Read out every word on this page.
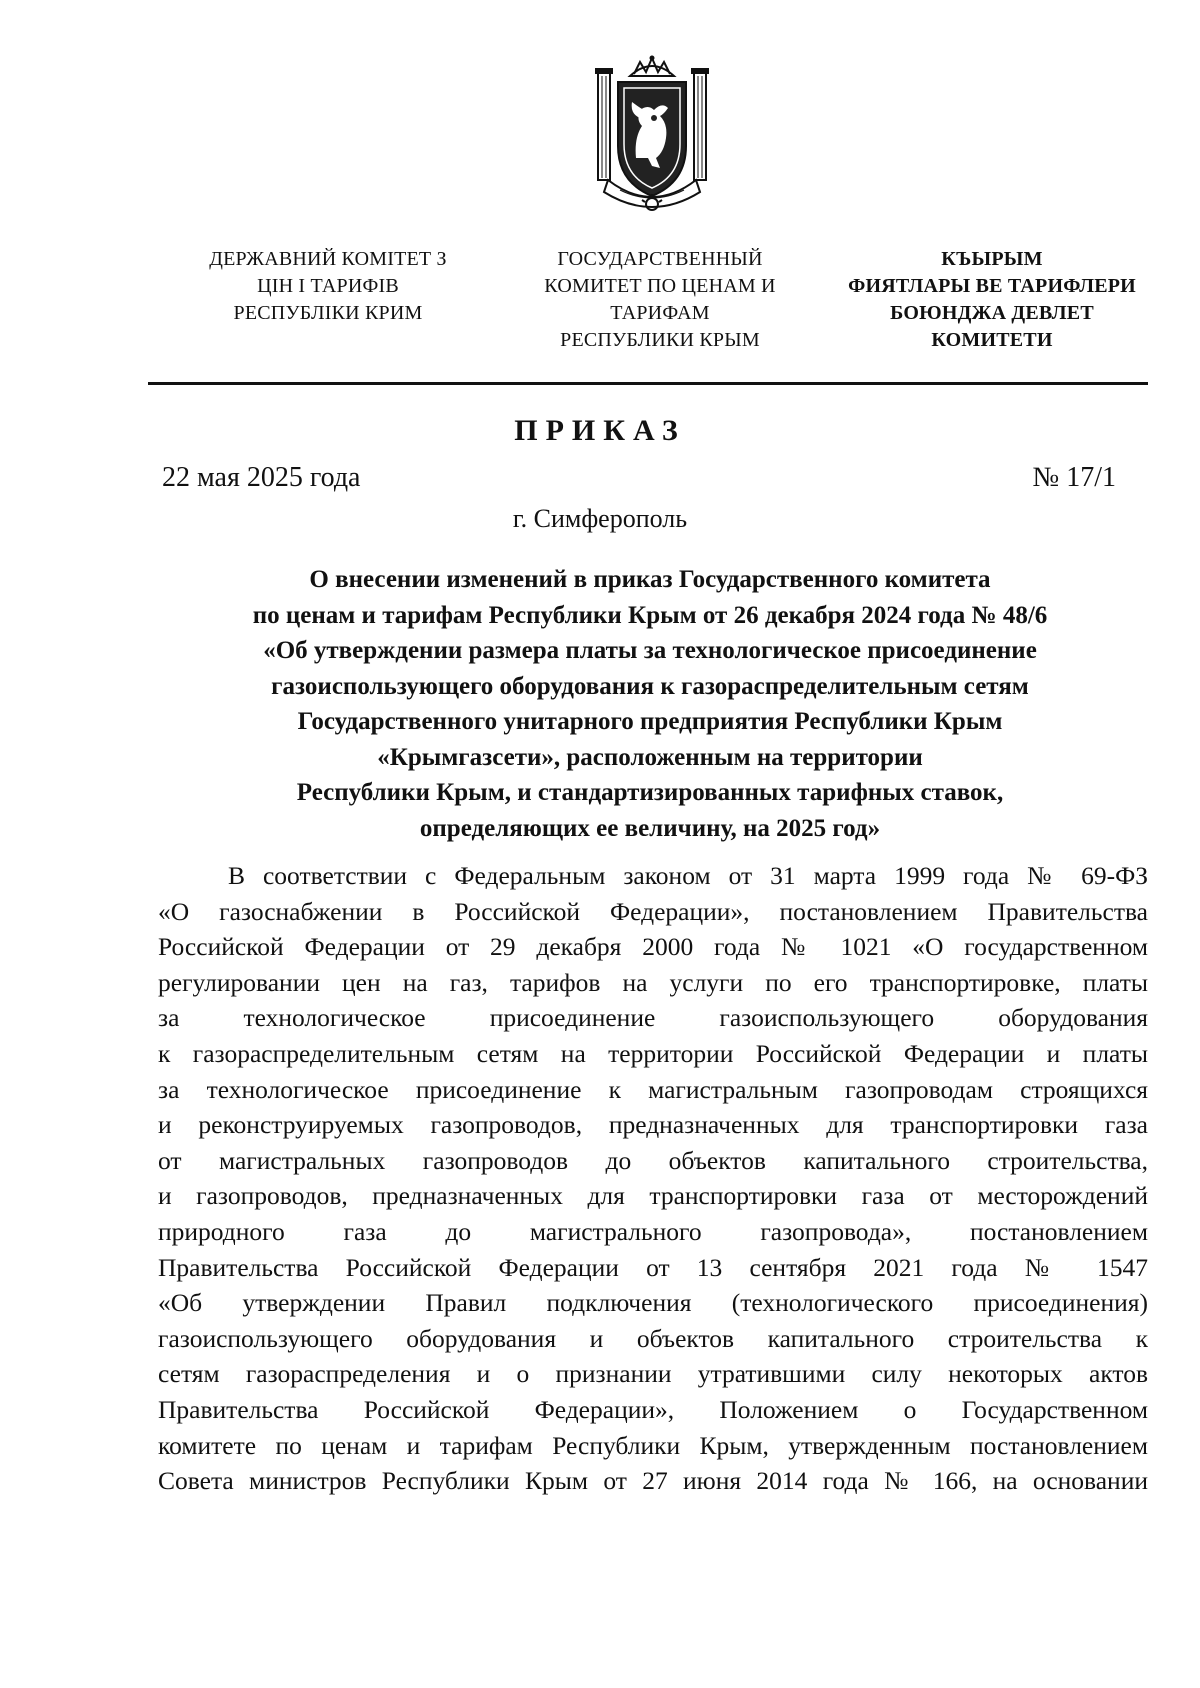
ДЕРЖАВНИЙ КОМІТЕТ З
ЦІН І ТАРИФІВ
РЕСПУБЛІКИ КРИМ
ГОСУДАРСТВЕННЫЙ
КОМИТЕТ ПО ЦЕНАМ И
ТАРИФАМ
РЕСПУБЛИКИ КРЫМ
КЪЫРЫМ
ФИЯТЛАРЫ ВЕ ТАРИФЛЕРИ
БОЮНДЖА ДЕВЛЕТ
КОМИТЕТИ
ПРИКАЗ
22 мая 2025 года	№ 17/1
г. Симферополь
О внесении изменений в приказ Государственного комитета
по ценам и тарифам Республики Крым от 26 декабря 2024 года № 48/6
«Об утверждении размера платы за технологическое присоединение
газоиспользующего оборудования к газораспределительным сетям
Государственного унитарного предприятия Республики Крым
«Крымгазсети», расположенным на территории
Республики Крым, и стандартизированных тарифных ставок,
определяющих ее величину, на 2025 год»
В соответствии с Федеральным законом от 31 марта 1999 года № 69-ФЗ
«О газоснабжении в Российской Федерации», постановлением Правительства
Российской Федерации от 29 декабря 2000 года № 1021 «О государственном
регулировании цен на газ, тарифов на услуги по его транспортировке, платы
за технологическое присоединение газоиспользующего оборудования
к газораспределительным сетям на территории Российской Федерации и платы
за технологическое присоединение к магистральным газопроводам строящихся
и реконструируемых газопроводов, предназначенных для транспортировки газа
от магистральных газопроводов до объектов капитального строительства,
и газопроводов, предназначенных для транспортировки газа от месторождений
природного газа до магистрального газопровода», постановлением
Правительства Российской Федерации от 13 сентября 2021 года № 1547
«Об утверждении Правил подключения (технологического присоединения)
газоиспользующего оборудования и объектов капитального строительства к
сетям газораспределения и о признании утратившими силу некоторых актов
Правительства Российской Федерации», Положением о Государственном
комитете по ценам и тарифам Республики Крым, утвержденным постановлением
Совета министров Республики Крым от 27 июня 2014 года № 166, на основании
